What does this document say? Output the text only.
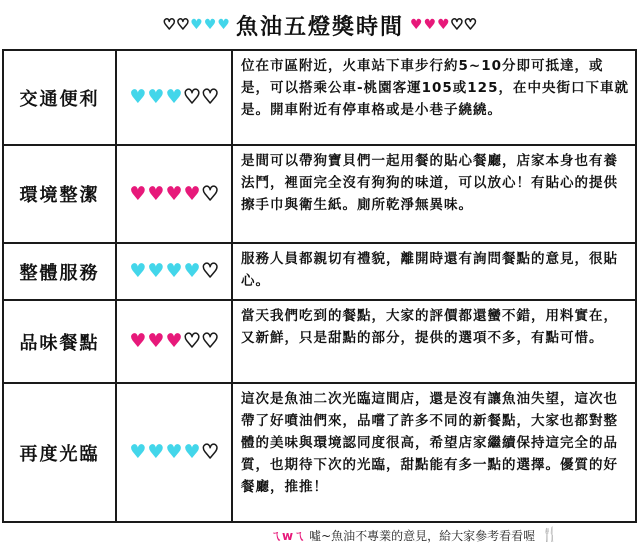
♥ ♥ ♥ ♥ ♥ 魚油五燈獎時間 ♥ ♥ ♥ ♥ ♥
交通便利	♥ ♥ ♥ ♥ ♥
位在市區附近，火車站下車步行約5~10分即可抵達，或是，可以搭乘公車-桃園客運105或125，在中央街口下車就是。開車附近有停車格或是小巷子繞繞。
環境整潔	♥ ♥ ♥ ♥ ♥
是間可以帶狗寶貝們一起用餐的貼心餐廳，店家本身也有養法鬥，裡面完全沒有狗狗的味道，可以放心！有貼心的提供擦手巾與衛生紙。廁所乾淨無異味。
整體服務	♥ ♥ ♥ ♥ ♥
服務人員都親切有禮貌，離開時還有詢問餐點的意見，很貼心。
品味餐點	♥ ♥ ♥ ♥ ♥
當天我們吃到的餐點，大家的評價都還蠻不錯，用料實在，又新鮮，只是甜點的部分，提供的選項不多，有點可惜。
再度光臨	♥ ♥ ♥ ♥ ♥
這次是魚油二次光臨這間店，還是沒有讓魚油失望，這次也帶了好噴油們來，品嚐了許多不同的新餐點，大家也都對整體的美味與環境認同度很高，希望店家繼續保持這完全的品質，也期待下次的光臨，甜點能有多一點的選擇。優質的好餐廳，推推！
ㄟwㄟ 噓~魚油不專業的意見，給大家參考看看喔 🍴
